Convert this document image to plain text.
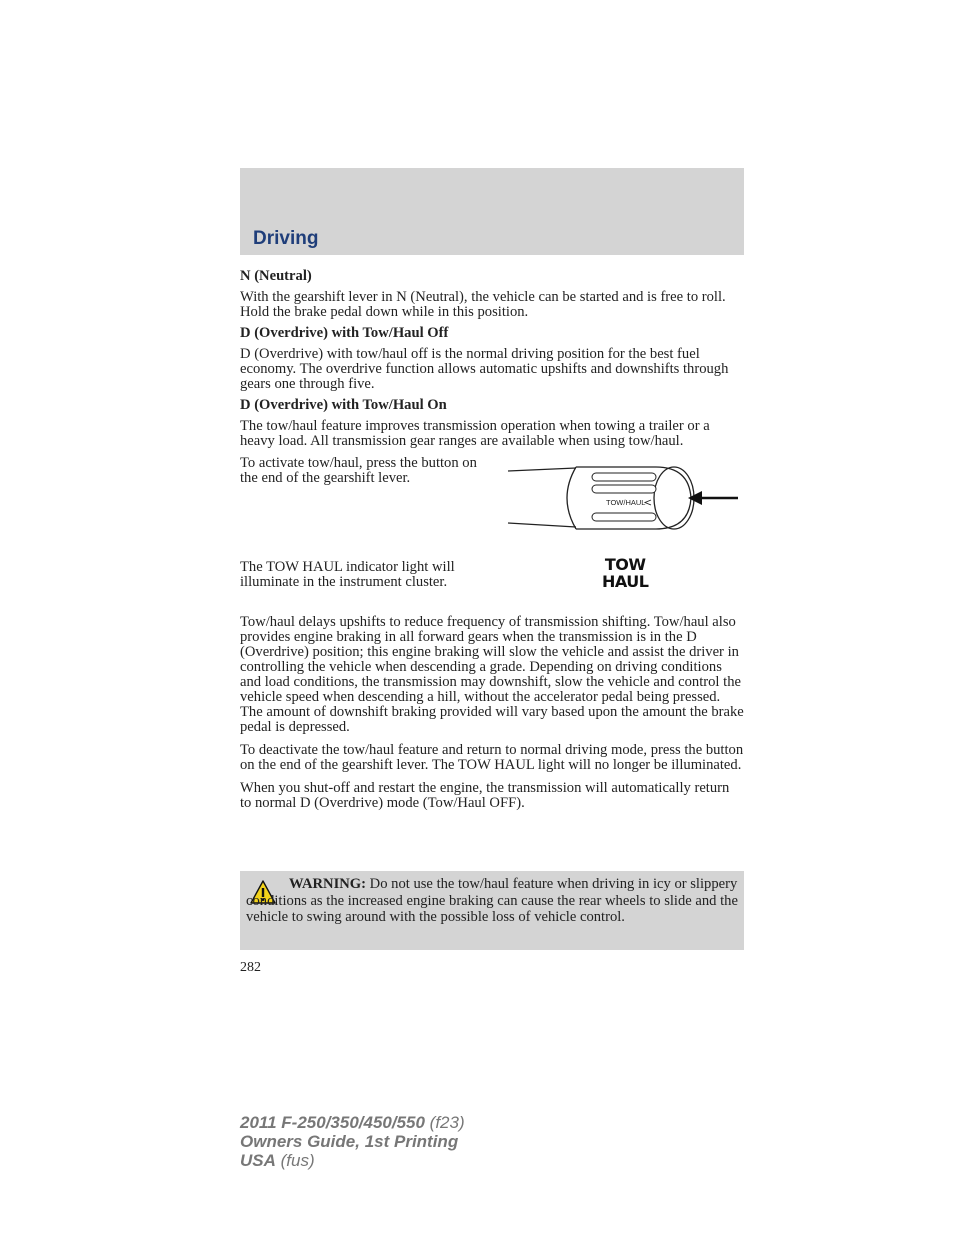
Driving
N (Neutral)

With the gearshift lever in N (Neutral), the vehicle can be started and is free to roll. Hold the brake pedal down while in this position.

D (Overdrive) with Tow/Haul Off

D (Overdrive) with tow/haul off is the normal driving position for the best fuel economy. The overdrive function allows automatic upshifts and downshifts through gears one through five.

D (Overdrive) with Tow/Haul On

The tow/haul feature improves transmission operation when towing a trailer or a heavy load. All transmission gear ranges are available when using tow/haul.

To activate tow/haul, press the button on the end of the gearshift lever.

TOW/HAUL

The TOW HAUL indicator light will illuminate in the instrument cluster.

TOW
HAUL

Tow/haul delays upshifts to reduce frequency of transmission shifting. Tow/haul also provides engine braking in all forward gears when the transmission is in the D (Overdrive) position; this engine braking will slow the vehicle and assist the driver in controlling the vehicle when descending a grade. Depending on driving conditions and load conditions, the transmission may downshift, slow the vehicle and control the vehicle speed when descending a hill, without the accelerator pedal being pressed. The amount of downshift braking provided will vary based upon the amount the brake pedal is depressed.

To deactivate the tow/haul feature and return to normal driving mode, press the button on the end of the gearshift lever. The TOW HAUL light will no longer be illuminated.

When you shut-off and restart the engine, the transmission will automatically return to normal D (Overdrive) mode (Tow/Haul OFF).

WARNING: Do not use the tow/haul feature when driving in icy or slippery conditions as the increased engine braking can cause the rear wheels to slide and the vehicle to swing around with the possible loss of vehicle control.
282
2011 F-250/350/450/550 (f23)
Owners Guide, 1st Printing
USA (fus)
